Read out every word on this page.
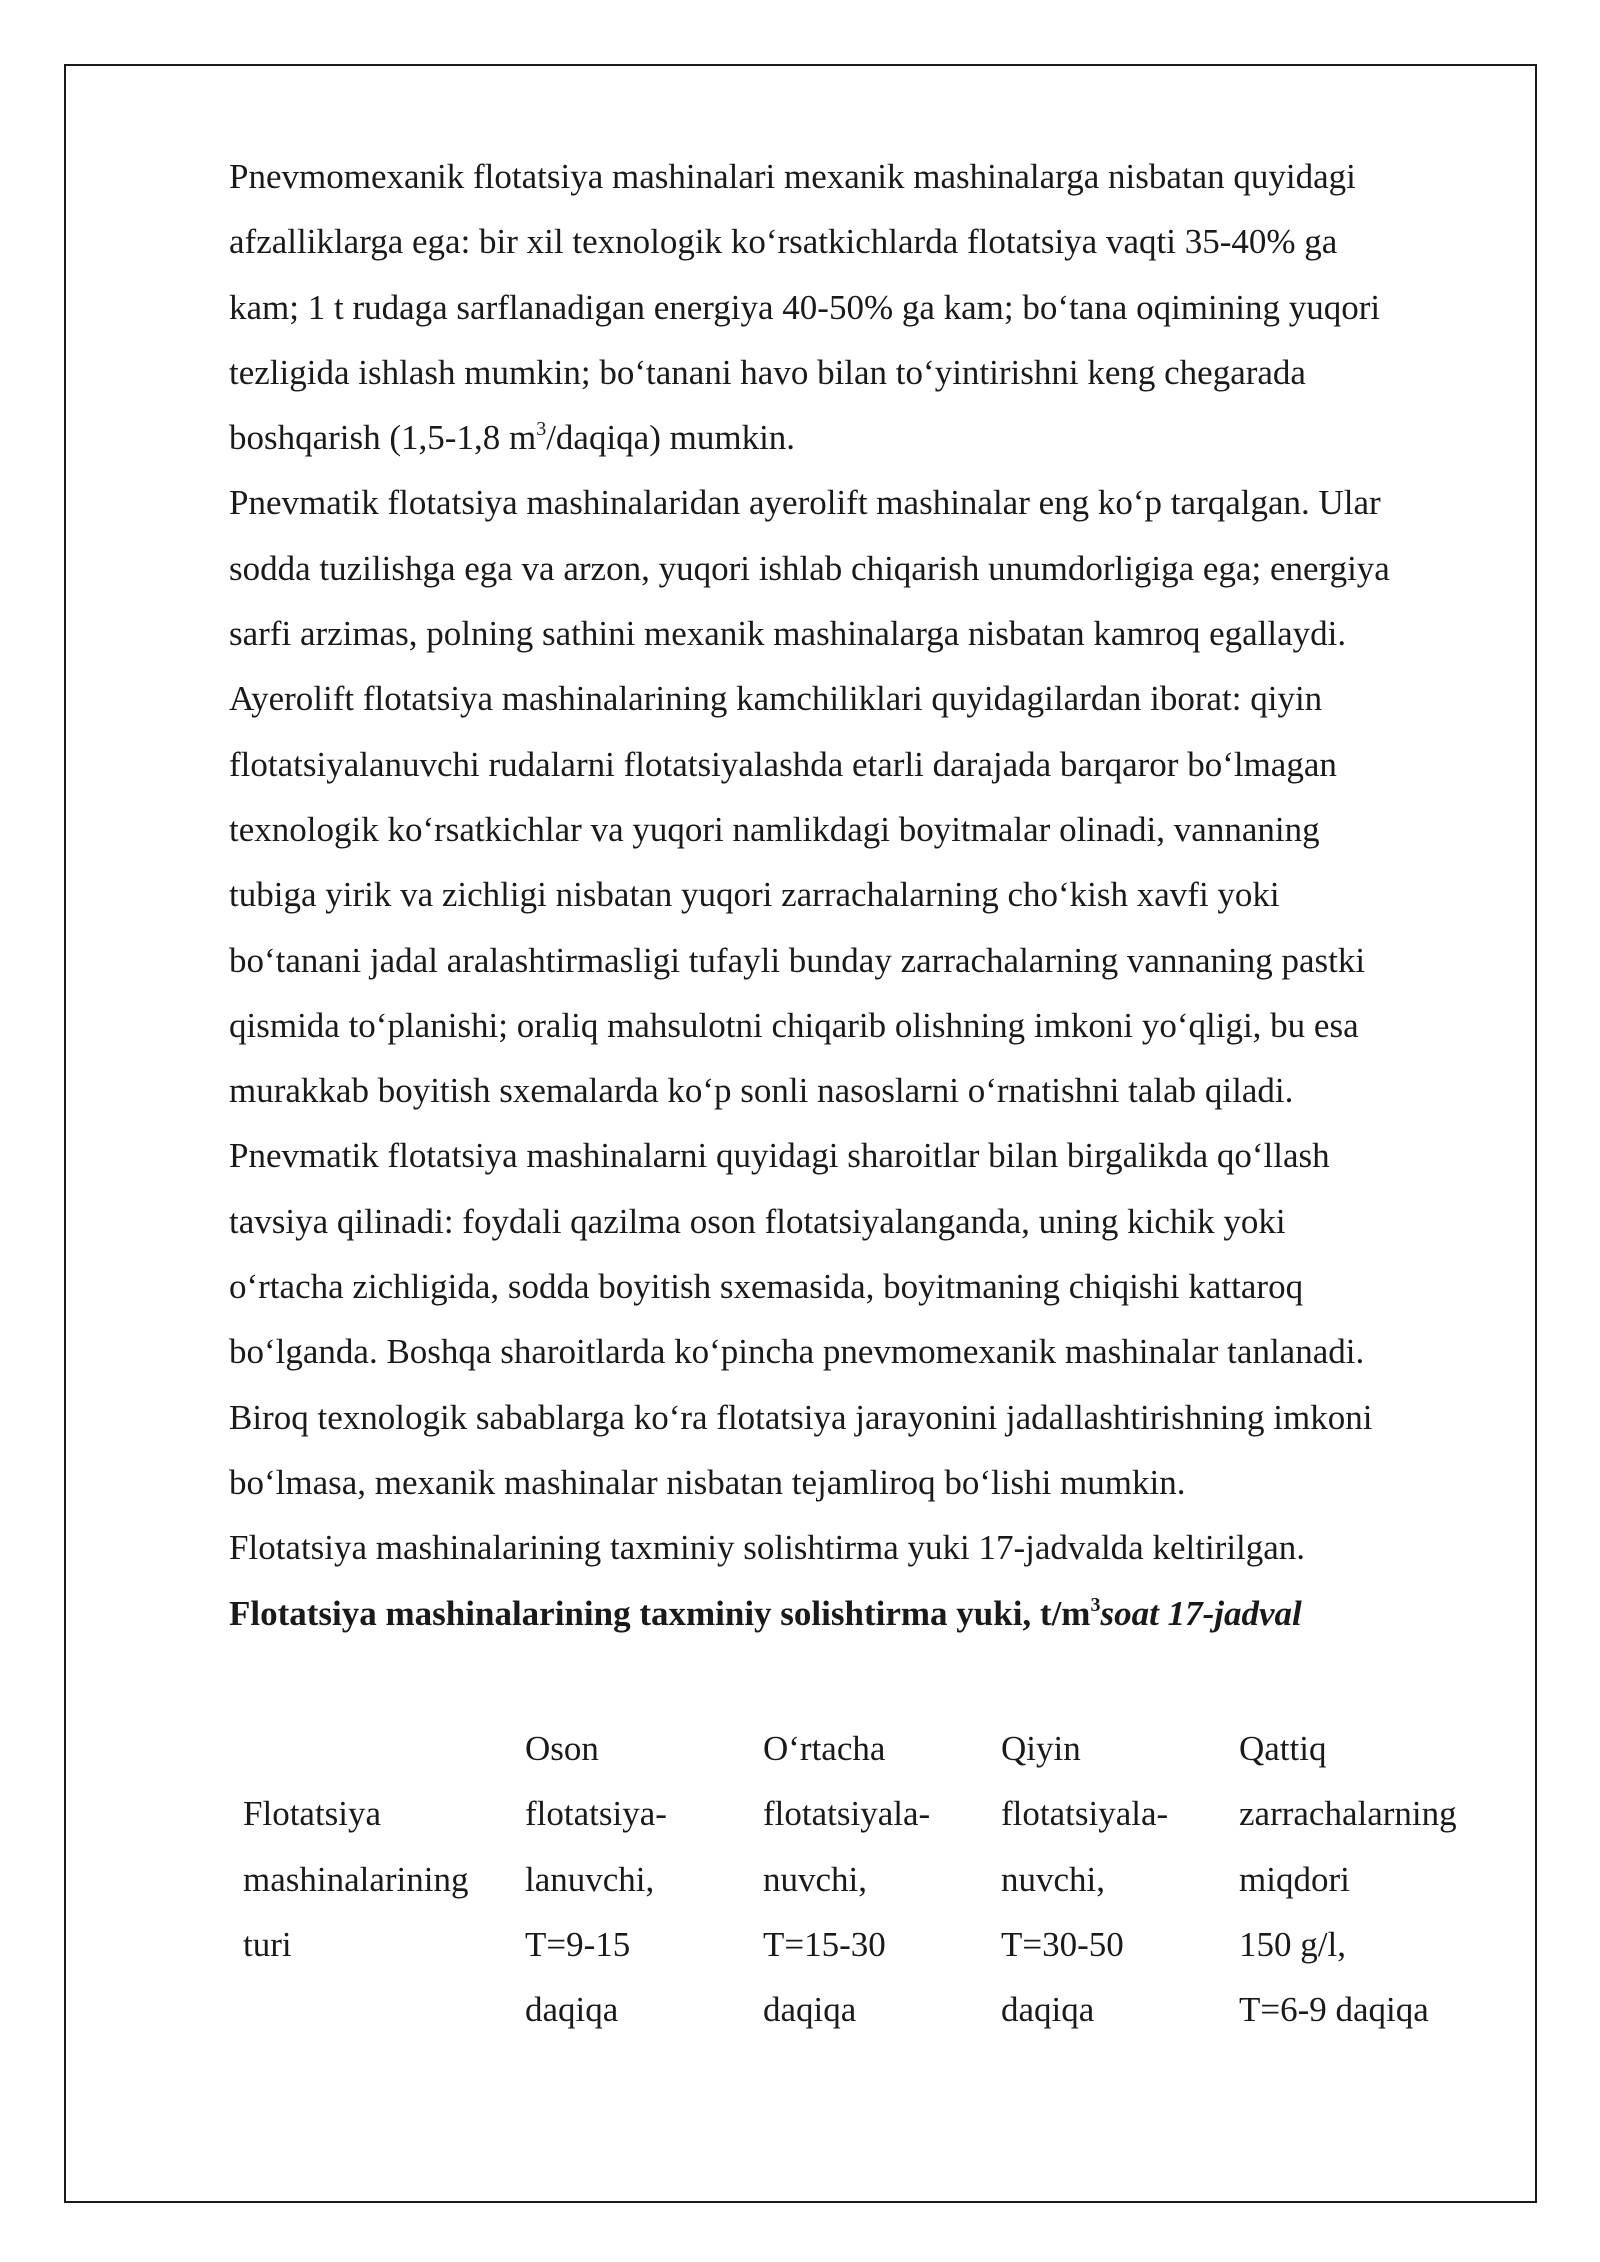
Pnevmomexanik flotatsiya mashinalari mexanik mashinalarga nisbatan quyidagi
afzalliklarga ega: bir xil texnologik koʻrsatkichlarda flotatsiya vaqti 35-40% ga
kam; 1 t rudaga sarflanadigan energiya 40-50% ga kam; boʻtana oqimining yuqori
tezligida ishlash mumkin; boʻtanani havo bilan toʻyintirishni keng chegarada
boshqarish (1,5-1,8 $m^3/daqiqa$) mumkin.
Pnevmatik flotatsiya mashinalaridan ayerolift mashinalar eng koʻp tarqalgan. Ular
sodda tuzilishga ega va arzon, yuqori ishlab chiqarish unumdorligiga ega; energiya
sarfi arzimas, polning sathini mexanik mashinalarga nisbatan kamroq egallaydi.
Ayerolift flotatsiya mashinalarining kamchiliklari quyidagilardan iborat: qiyin
flotatsiyalanuvchi rudalarni flotatsiyalashda etarli darajada barqaror boʻlmagan
texnologik koʻrsatkichlar va yuqori namlikdagi boyitmalar olinadi, vannaning
tubiga yirik va zichligi nisbatan yuqori zarrachalarning choʻkish xavfi yoki
boʻtanani jadal aralashtirmasligi tufayli bunday zarrachalarning vannaning pastki
qismida toʻplanishi; oraliq mahsulotni chiqarib olishning imkoni yoʻqligi, bu esa
murakkab boyitish sxemalarda koʻp sonli nasoslarni oʻrnatishni talab qiladi.
Pnevmatik flotatsiya mashinalarni quyidagi sharoitlar bilan birgalikda qoʻllash
tavsiya qilinadi: foydali qazilma oson flotatsiyalanganda, uning kichik yoki
oʻrtacha zichligida, sodda boyitish sxemasida, boyitmaning chiqishi kattaroq
boʻlganda. Boshqa sharoitlarda koʻpincha pnevmomexanik mashinalar tanlanadi.
Biroq texnologik sabablarga koʻra flotatsiya jarayonini jadallashtirishning imkoni
boʻlmasa, mexanik mashinalar nisbatan tejamliroq boʻlishi mumkin.
Flotatsiya mashinalarining taxminiy solishtirma yuki 17-jadvalda keltirilgan.
Flotatsiya mashinalarining taxminiy solishtirma yuki, $t/m^3soat$ 17-jadval
Flotatsiya
mashinalarining
turi
Oson
flotatsiya-
lanuvchi,
T=9-15
daqiqa
Oʻrtacha
flotatsiyala-
nuvchi,
T=15-30
daqiqa
Qiyin
flotatsiyala-
nuvchi,
T=30-50
daqiqa
Qattiq
zarrachalarning
miqdori
150 g/l,
T=6-9 daqiqa
